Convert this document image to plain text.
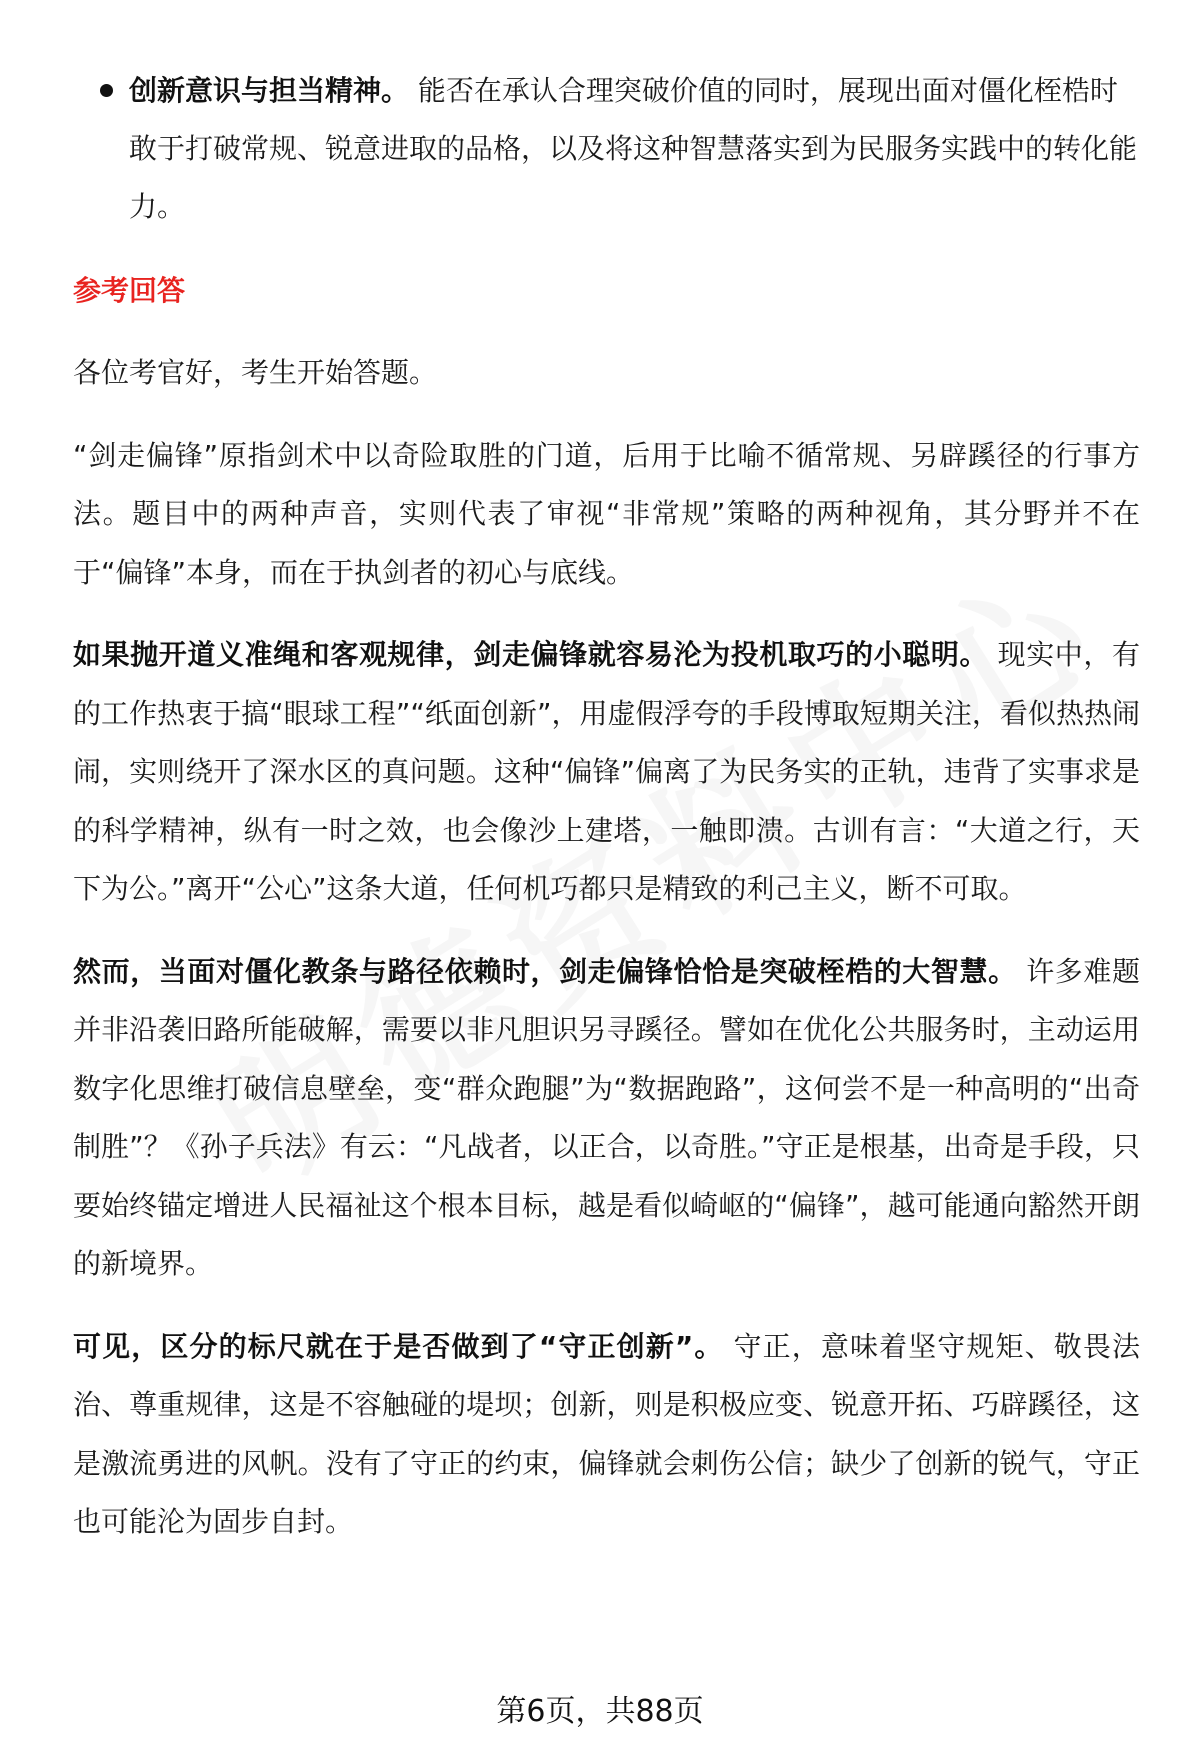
创新意识与担当精神。 能否在承认合理突破价值的同时，展现出面对僵化桎梏时敢于打破常规、锐意进取的品格，以及将这种智慧落实到为民服务实践中的转化能力。
参考回答

各位考官好，考生开始答题。

“剑走偏锋”原指剑术中以奇险取胜的门道，后用于比喻不循常规、另辟蹊径的行事方法。题目中的两种声音，实则代表了审视“非常规”策略的两种视角，其分野并不在于“偏锋”本身，而在于执剑者的初心与底线。

如果抛开道义准绳和客观规律，剑走偏锋就容易沦为投机取巧的小聪明。 现实中，有的工作热衷于搞“眼球工程”“纸面创新”，用虚假浮夸的手段博取短期关注，看似热热闹闹，实则绕开了深水区的真问题。这种“偏锋”偏离了为民务实的正轨，违背了实事求是的科学精神，纵有一时之效，也会像沙上建塔，一触即溃。古训有言：“大道之行，天下为公。”离开“公心”这条大道，任何机巧都只是精致的利己主义，断不可取。

然而，当面对僵化教条与路径依赖时，剑走偏锋恰恰是突破桎梏的大智慧。 许多难题并非沿袭旧路所能破解，需要以非凡胆识另寻蹊径。譬如在优化公共服务时，主动运用数字化思维打破信息壁垒，变“群众跑腿”为“数据跑路”，这何尝不是一种高明的“出奇制胜”？《孙子兵法》有云：“凡战者，以正合，以奇胜。”守正是根基，出奇是手段，只要始终锚定增进人民福祉这个根本目标，越是看似崎岖的“偏锋”，越可能通向豁然开朗的新境界。

可见，区分的标尺就在于是否做到了“守正创新”。 守正，意味着坚守规矩、敬畏法治、尊重规律，这是不容触碰的堤坝；创新，则是积极应变、锐意开拓、巧辟蹊径，这是激流勇进的风帆。没有了守正的约束，偏锋就会刺伤公信；缺少了创新的锐气，守正也可能沦为固步自封。

第6页，共88页
